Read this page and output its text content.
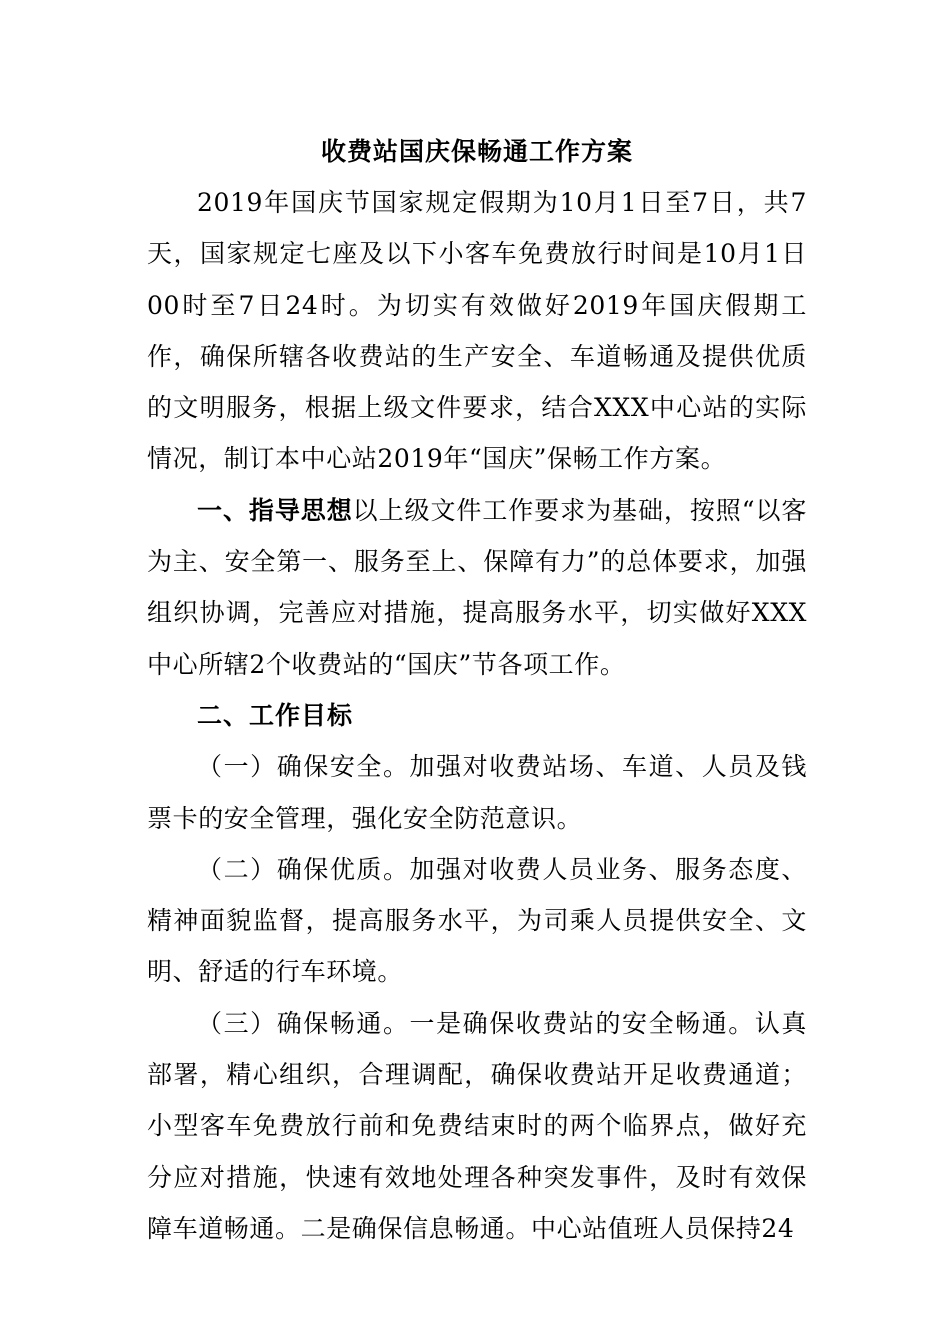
收费站国庆保畅通工作方案

2019年国庆节国家规定假期为10月1日至7日，共7天，国家规定七座及以下小客车免费放行时间是10月1日00时至7日24时。为切实有效做好2019年国庆假期工作，确保所辖各收费站的生产安全、车道畅通及提供优质的文明服务，根据上级文件要求，结合XXX中心站的实际情况，制订本中心站2019年“国庆”保畅工作方案。

一、指导思想以上级文件工作要求为基础，按照“以客为主、安全第一、服务至上、保障有力”的总体要求，加强组织协调，完善应对措施，提高服务水平，切实做好XXX中心所辖2个收费站的“国庆”节各项工作。

二、工作目标

（一）确保安全。加强对收费站场、车道、人员及钱票卡的安全管理，强化安全防范意识。

（二）确保优质。加强对收费人员业务、服务态度、精神面貌监督，提高服务水平，为司乘人员提供安全、文明、舒适的行车环境。

（三）确保畅通。一是确保收费站的安全畅通。认真部署，精心组织，合理调配，确保收费站开足收费通道；小型客车免费放行前和免费结束时的两个临界点，做好充分应对措施，快速有效地处理各种突发事件，及时有效保障车道畅通。二是确保信息畅通。中心站值班人员保持24
